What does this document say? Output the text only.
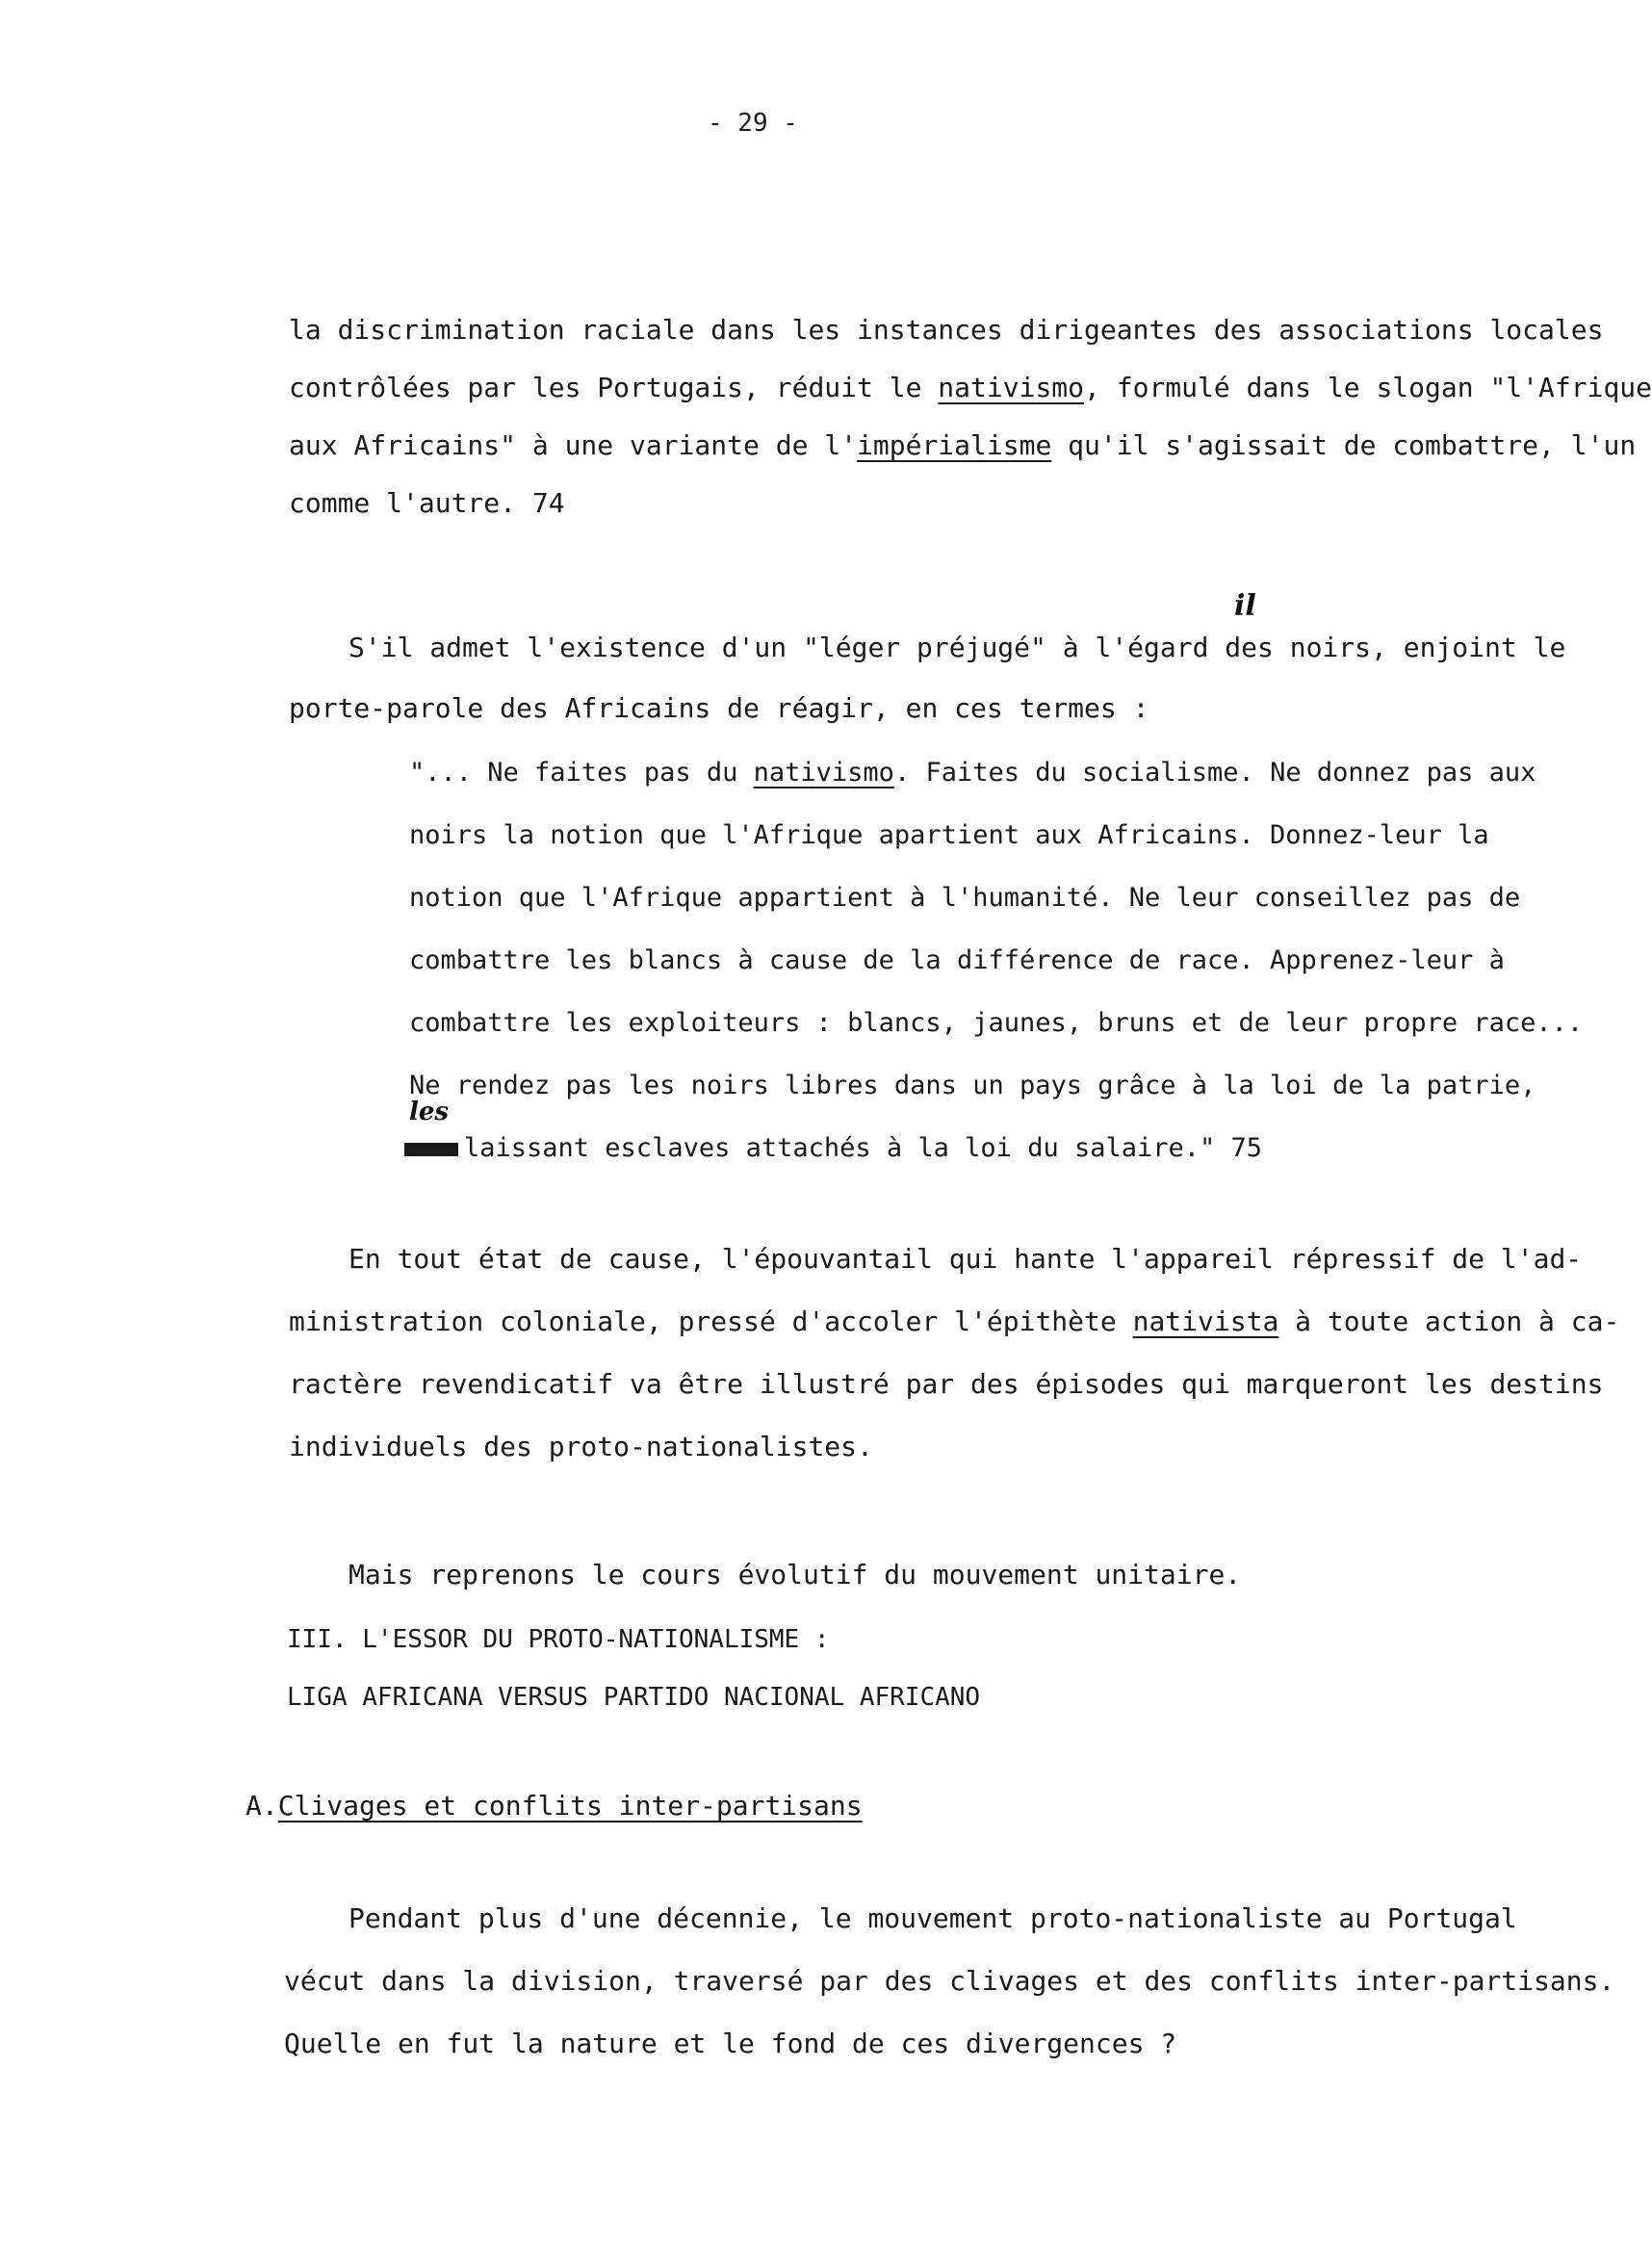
- 29 -
la discrimination raciale dans les instances dirigeantes des associations locales
contrôlées par les Portugais, réduit le nativismo, formulé dans le slogan "l'Afrique
aux Africains" à une variante de l'impérialisme qu'il s'agissait de combattre, l'un
comme l'autre. 74
il
S'il admet l'existence d'un "léger préjugé" à l'égard des noirs, enjoint le
porte-parole des Africains de réagir, en ces termes :
"... Ne faites pas du nativismo. Faites du socialisme. Ne donnez pas aux
noirs la notion que l'Afrique apartient aux Africains. Donnez-leur la
notion que l'Afrique appartient à l'humanité. Ne leur conseillez pas de
combattre les blancs à cause de la différence de race. Apprenez-leur à
combattre les exploiteurs : blancs, jaunes, bruns et de leur propre race...
Ne rendez pas les noirs libres dans un pays grâce à la loi de la patrie,
les
laissant esclaves attachés à la loi du salaire." 75
En tout état de cause, l'épouvantail qui hante l'appareil répressif de l'ad-
ministration coloniale, pressé d'accoler l'épithète nativista à toute action à ca-
ractère revendicatif va être illustré par des épisodes qui marqueront les destins
individuels des proto-nationalistes.
Mais reprenons le cours évolutif du mouvement unitaire.
III. L'ESSOR DU PROTO-NATIONALISME :
LIGA AFRICANA VERSUS PARTIDO NACIONAL AFRICANO
A.Clivages et conflits inter-partisans
Pendant plus d'une décennie, le mouvement proto-nationaliste au Portugal
vécut dans la division, traversé par des clivages et des conflits inter-partisans.
Quelle en fut la nature et le fond de ces divergences ?
